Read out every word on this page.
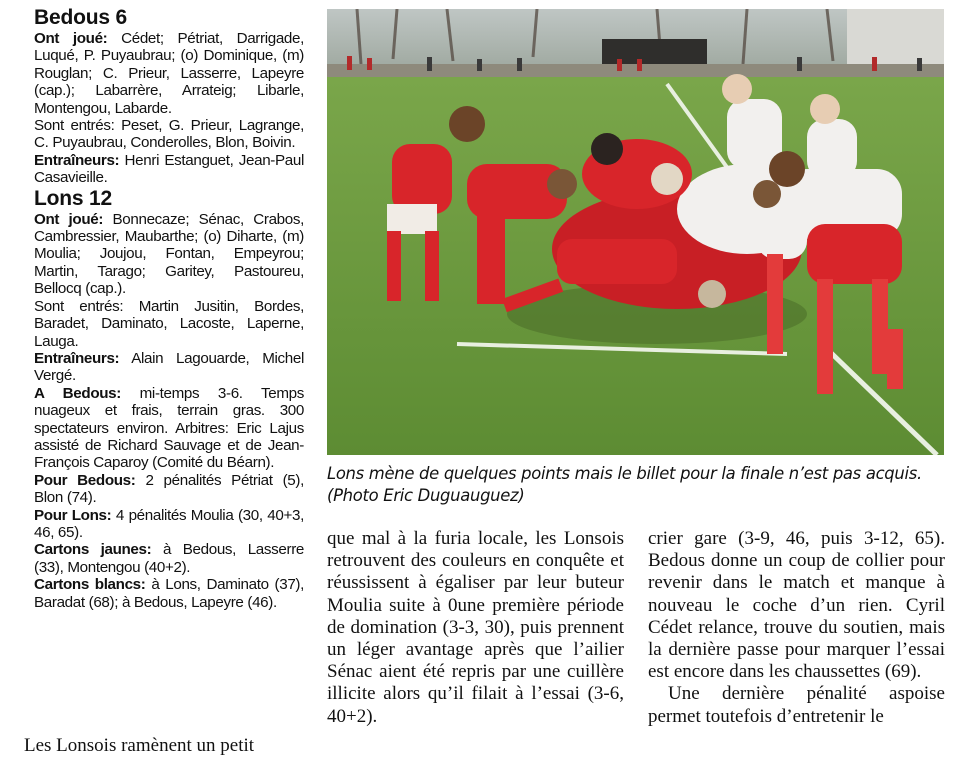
Bedous 6

Ont joué: Cédet; Pétriat, Darrigade, Luqué, P. Puyaubrau; (o) Dominique, (m) Rouglan; C. Prieur, Lasserre, Lapeyre (cap.); Labarrère, Arrateig; Libarle, Montengou, Labarde.

Sont entrés: Peset, G. Prieur, Lagrange, C. Puyaubrau, Conderolles, Blon, Boivin.

Entraîneurs: Henri Estanguet, Jean-Paul Casavieille.

Lons 12

Ont joué: Bonnecaze; Sénac, Crabos, Cambressier, Maubarthe; (o) Diharte, (m) Moulia; Joujou, Fontan, Empeyrou; Martin, Tarago; Garitey, Pastoureu, Bellocq (cap.).

Sont entrés: Martin Jusitin, Bordes, Baradet, Daminato, Lacoste, Laperne, Lauga.

Entraîneurs: Alain Lagouarde, Michel Vergé.

A Bedous: mi-temps 3-6. Temps nuageux et frais, terrain gras. 300 spectateurs environ. Arbitres: Eric Lajus assisté de Richard Sauvage et de Jean-François Caparoy (Comité du Béarn).

Pour Bedous: 2 pénalités Pétriat (5), Blon (74).

Pour Lons: 4 pénalités Moulia (30, 40+3, 46, 65).

Cartons jaunes: à Bedous, Lasserre (33), Montengou (40+2).

Cartons blancs: à Lons, Daminato (37), Baradat (68); à Bedous, Lapeyre (46).

Lons mène de quelques points mais le billet pour la finale n’est pas acquis. (Photo Eric Duguauguez)

que mal à la furia locale, les Lonsois retrouvent des couleurs en conquête et réussissent à égaliser par leur buteur Moulia suite à 0une première période de domination (3-3, 30), puis prennent un léger avantage après que l’ailier Sénac aient été repris par une cuillère illicite alors qu’il filait à l’essai (3-6, 40+2).

crier gare (3-9, 46, puis 3-12, 65). Bedous donne un coup de collier pour revenir dans le match et manque à nouveau le coche d’un rien. Cyril Cédet relance, trouve du soutien, mais la dernière passe pour marquer l’essai est encore dans les chaussettes (69).

Une dernière pénalité aspoise permet toutefois d’entretenir le

Les Lonsois ramènent un petit
